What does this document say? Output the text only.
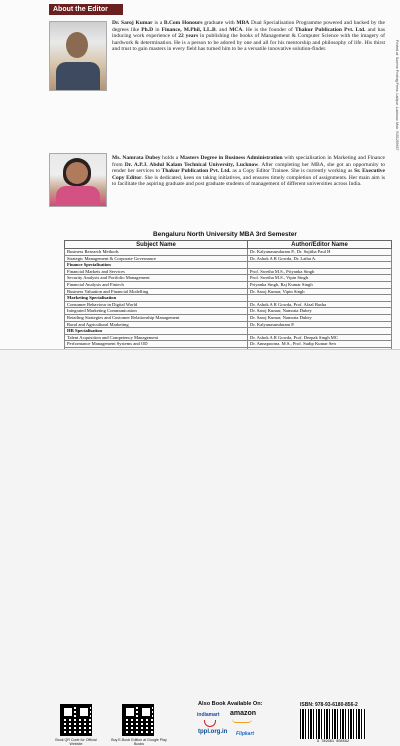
About the Editor
Dr. Saroj Kumar is a B.Com Honours graduate with MBA Dual Specialisation Programme powered and backed by the degrees like Ph.D in Finance, M.Phil, LL.B. and MCA. He is the founder of Thakur Publication Pvt. Ltd. and has inducing work experience of 22 years in publishing the books of Management & Computer Science with the imagery of hardwork & determination. He is a person to be adored by one and all for his mentorship and philosophy of life. His thirst and trust to gain masters in every field has turned him to be a versatile innovative solution-finder.
Ms. Namrata Dubey holds a Masters Degree in Business Administration with specialisation in Marketing and Finance from Dr. A.P.J. Abdul Kalam Technical University, Lucknow. After completing her MBA, she got an opportunity to render her services to Thakur Publication Pvt. Ltd. as a Copy Editor Trainee. She is currently working as Sr. Executive Copy Editor. She is dedicated, keen on taking initiatives, and ensures timely completion of assignments. Her main aim is to facilitate the aspiring graduate and post graduate students of management of different universities across India.
Bengaluru North University MBA 3rd Semester
Subject Name	Author/Editor Name
Business Research Methods	Dr. Kalyanasundaram P., Dr. Sujitha Paul H
Strategic Management & Corporate Governance	Dr. Ashok A R Gowda, Dr. Latha A.
Finance Specialisation	
Financial Markets and Services	Prof. Swetha M.S., Priyanka Singh
Security Analysis and Portfolio Management	Prof. Swetha M.S., Vipin Singh
Financial Analysis and Fintech	Priyanka Singh, Raj Kumar Singh
Business Valuation and Financial Modelling	Dr. Saroj Kumar, Vipin Singh
Marketing Specialisation	
Consumer Behaviour in Digital World	Dr. Ashok A R Gowda, Prof. Afzal Basha
Integrated Marketing Communication	Dr. Saroj Kumar, Namrata Dubey
Retailing Strategies and Customer Relationship Management	Dr. Saroj Kumar, Namrata Dubey
Rural and Agricultural Marketing	Dr. Kalyanasundaram P.
HR Specialisation	
Talent Acquisition and Competency Management	Dr. Ashok A R Gowda, Prof. Deepak Singh MC
Performance Management Systems and OD	Dr. Annapoorna. M.S., Prof. Sudip Kumar Sen

Printed at: Sunrise Printing Press, Lalitpur, Lucknow. Mob: 9151269457
Book QR Code for Official Website
Buy E-Book Edition at Google Play Books
Also Book Available On:
indiamart amazon
tppl.org.in Flipkart
ISBN: 978-93-6180-856-2
9 789361 808562
